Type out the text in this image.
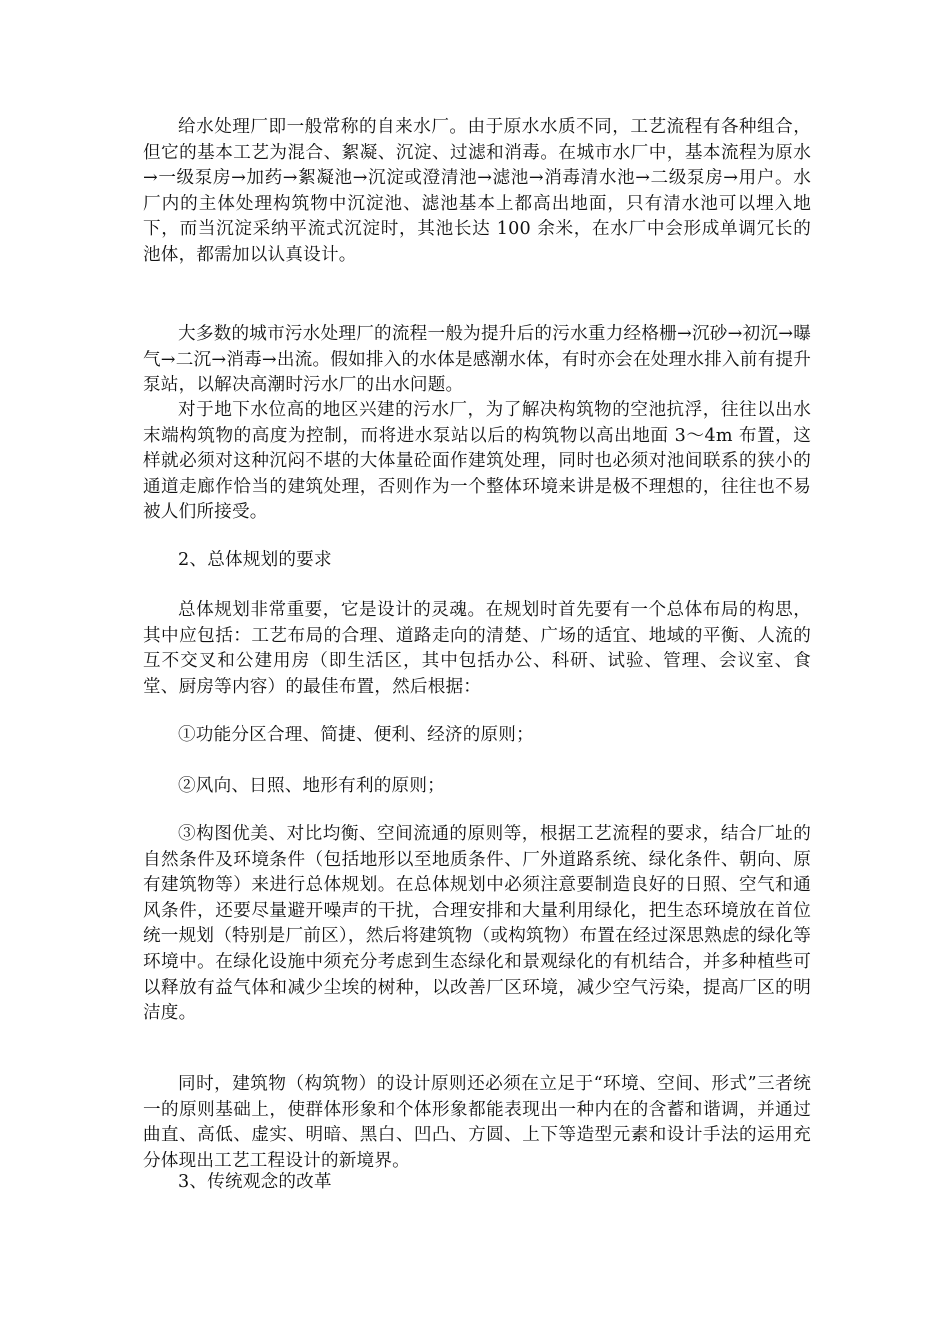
给水处理厂即一般常称的自来水厂。由于原水水质不同，工艺流程有各种组合，但它的基本工艺为混合、絮凝、沉淀、过滤和消毒。在城市水厂中，基本流程为原水→一级泵房→加药→絮凝池→沉淀或澄清池→滤池→消毒清水池→二级泵房→用户。水厂内的主体处理构筑物中沉淀池、滤池基本上都高出地面，只有清水池可以埋入地下，而当沉淀采纳平流式沉淀时，其池长达 100 余米，在水厂中会形成单调冗长的池体，都需加以认真设计。

大多数的城市污水处理厂的流程一般为提升后的污水重力经格栅→沉砂→初沉→曝气→二沉→消毒→出流。假如排入的水体是感潮水体，有时亦会在处理水排入前有提升泵站，以解决高潮时污水厂的出水问题。

对于地下水位高的地区兴建的污水厂，为了解决构筑物的空池抗浮，往往以出水末端构筑物的高度为控制，而将进水泵站以后的构筑物以高出地面 3～4m 布置，这样就必须对这种沉闷不堪的大体量砼面作建筑处理，同时也必须对池间联系的狭小的通道走廊作恰当的建筑处理，否则作为一个整体环境来讲是极不理想的，往往也不易被人们所接受。

2、总体规划的要求

总体规划非常重要，它是设计的灵魂。在规划时首先要有一个总体布局的构思，其中应包括：工艺布局的合理、道路走向的清楚、广场的适宜、地域的平衡、人流的互不交叉和公建用房（即生活区，其中包括办公、科研、试验、管理、会议室、食堂、厨房等内容）的最佳布置，然后根据：

①功能分区合理、简捷、便利、经济的原则；

②风向、日照、地形有利的原则；

③构图优美、对比均衡、空间流通的原则等，根据工艺流程的要求，结合厂址的自然条件及环境条件（包括地形以至地质条件、厂外道路系统、绿化条件、朝向、原有建筑物等）来进行总体规划。在总体规划中必须注意要制造良好的日照、空气和通风条件，还要尽量避开噪声的干扰，合理安排和大量利用绿化，把生态环境放在首位统一规划（特别是厂前区），然后将建筑物（或构筑物）布置在经过深思熟虑的绿化等环境中。在绿化设施中须充分考虑到生态绿化和景观绿化的有机结合，并多种植些可以释放有益气体和减少尘埃的树种，以改善厂区环境，减少空气污染，提高厂区的明洁度。

同时，建筑物（构筑物）的设计原则还必须在立足于“环境、空间、形式”三者统一的原则基础上，使群体形象和个体形象都能表现出一种内在的含蓄和谐调，并通过曲直、高低、虚实、明暗、黑白、凹凸、方圆、上下等造型元素和设计手法的运用充分体现出工艺工程设计的新境界。

3、传统观念的改革
